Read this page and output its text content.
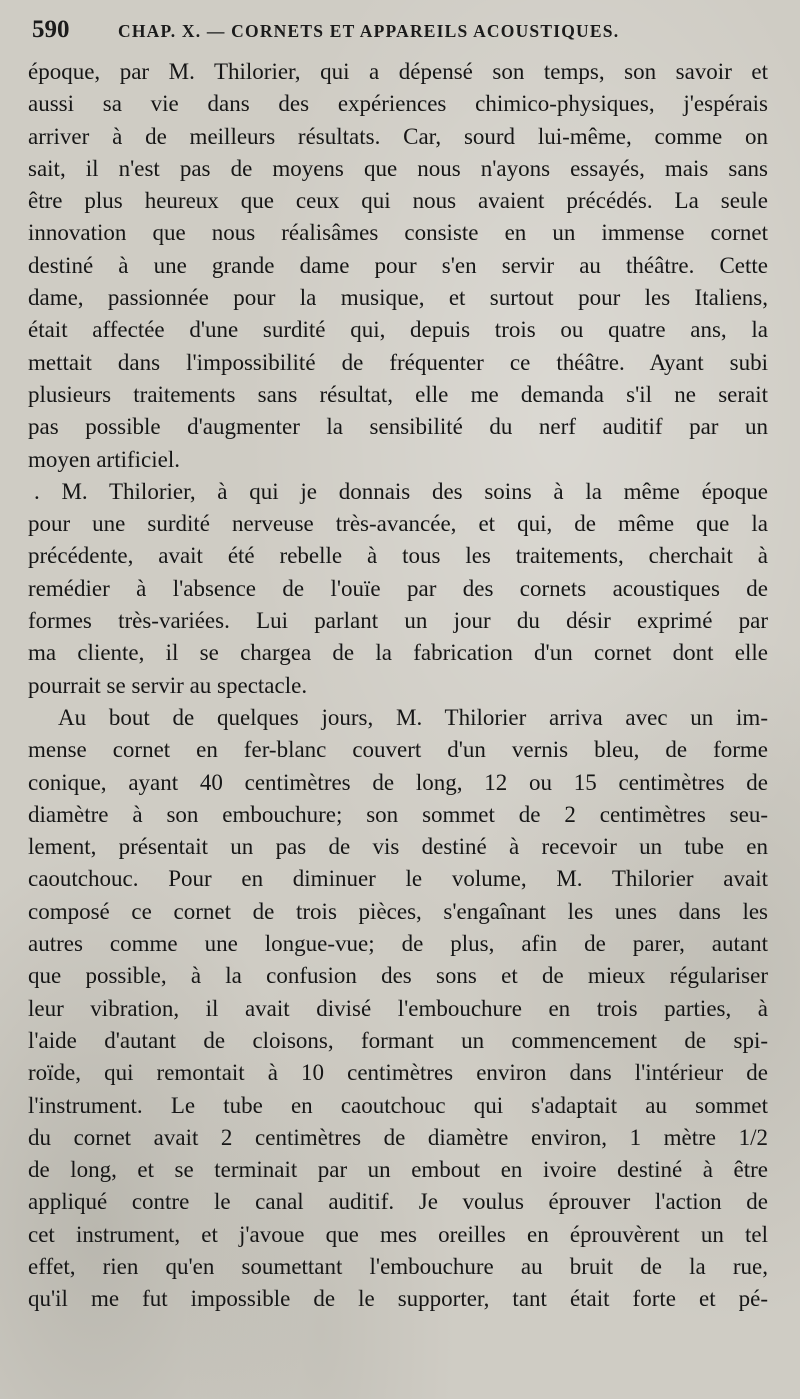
590	CHAP. X. — CORNETS ET APPAREILS ACOUSTIQUES.
époque, par M. Thilorier, qui a dépensé son temps, son savoir et
aussi sa vie dans des expériences chimico-physiques, j'espérais
arriver à de meilleurs résultats. Car, sourd lui-même, comme on
sait, il n'est pas de moyens que nous n'ayons essayés, mais sans
être plus heureux que ceux qui nous avaient précédés. La seule
innovation que nous réalisâmes consiste en un immense cornet
destiné à une grande dame pour s'en servir au théâtre. Cette
dame, passionnée pour la musique, et surtout pour les Italiens,
était affectée d'une surdité qui, depuis trois ou quatre ans, la
mettait dans l'impossibilité de fréquenter ce théâtre. Ayant subi
plusieurs traitements sans résultat, elle me demanda s'il ne serait
pas possible d'augmenter la sensibilité du nerf auditif par un
moyen artificiel.
. M. Thilorier, à qui je donnais des soins à la même époque
pour une surdité nerveuse très-avancée, et qui, de même que la
précédente, avait été rebelle à tous les traitements, cherchait à
remédier à l'absence de l'ouïe par des cornets acoustiques de
formes très-variées. Lui parlant un jour du désir exprimé par
ma cliente, il se chargea de la fabrication d'un cornet dont elle
pourrait se servir au spectacle.
Au bout de quelques jours, M. Thilorier arriva avec un im-
mense cornet en fer-blanc couvert d'un vernis bleu, de forme
conique, ayant 40 centimètres de long, 12 ou 15 centimètres de
diamètre à son embouchure; son sommet de 2 centimètres seu-
lement, présentait un pas de vis destiné à recevoir un tube en
caoutchouc. Pour en diminuer le volume, M. Thilorier avait
composé ce cornet de trois pièces, s'engaînant les unes dans les
autres comme une longue-vue; de plus, afin de parer, autant
que possible, à la confusion des sons et de mieux régulariser
leur vibration, il avait divisé l'embouchure en trois parties, à
l'aide d'autant de cloisons, formant un commencement de spi-
roïde, qui remontait à 10 centimètres environ dans l'intérieur de
l'instrument. Le tube en caoutchouc qui s'adaptait au sommet
du cornet avait 2 centimètres de diamètre environ, 1 mètre 1/2
de long, et se terminait par un embout en ivoire destiné à être
appliqué contre le canal auditif. Je voulus éprouver l'action de
cet instrument, et j'avoue que mes oreilles en éprouvèrent un tel
effet, rien qu'en soumettant l'embouchure au bruit de la rue,
qu'il me fut impossible de le supporter, tant était forte et pé-
